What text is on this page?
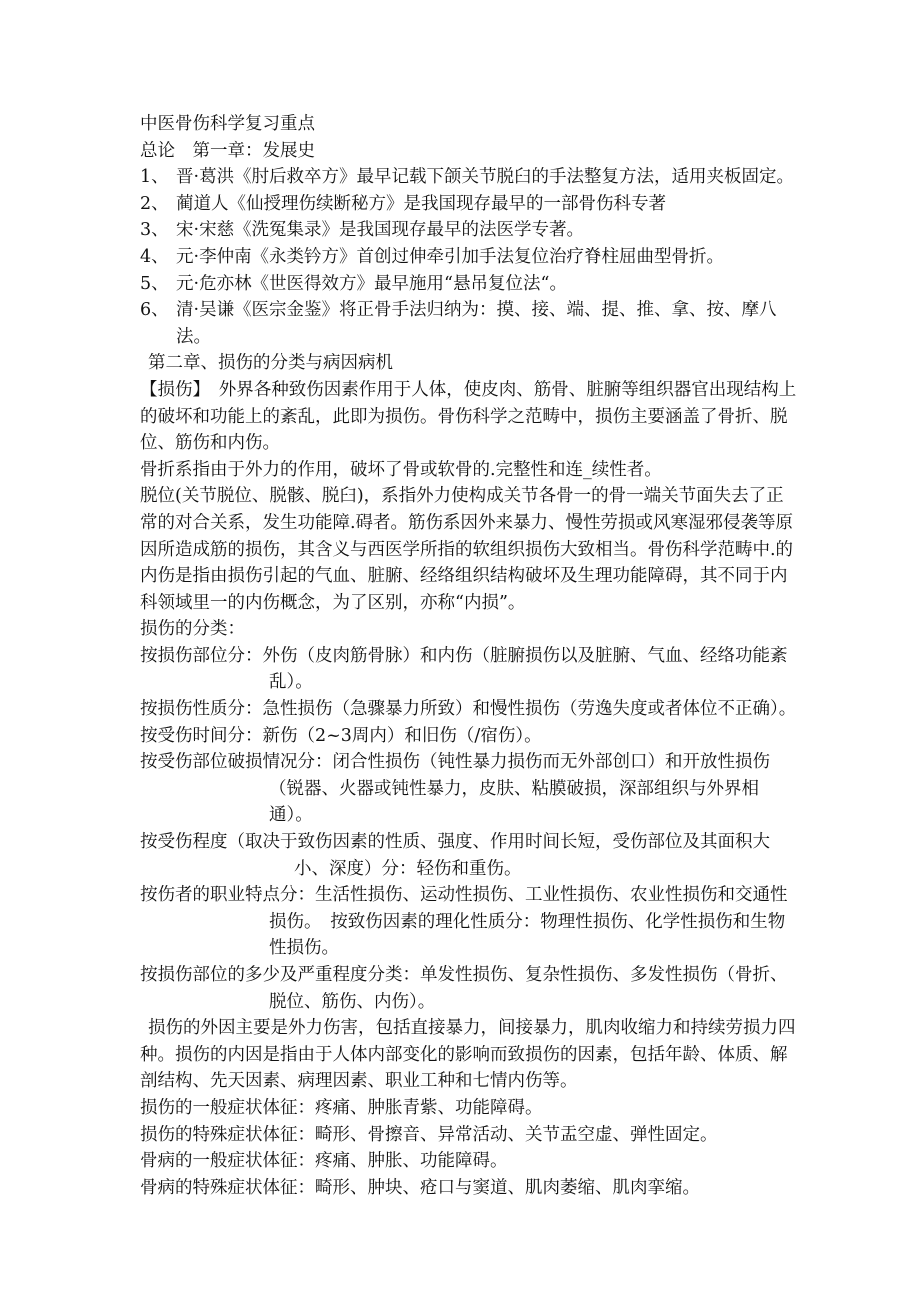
中医骨伤科学复习重点
总论　第一章：发展史
1、 晋·葛洪《肘后救卒方》最早记载下颌关节脱臼的手法整复方法，适用夹板固定。
2、 蔺道人《仙授理伤续断秘方》是我国现存最早的一部骨伤科专著
3、 宋·宋慈《洗冤集录》是我国现存最早的法医学专著。
4、 元·李仲南《永类钤方》首创过伸牵引加手法复位治疗脊柱屈曲型骨折。
5、 元·危亦林《世医得效方》最早施用“悬吊复位法“。
6、 清·吴谦《医宗金鉴》将正骨手法归纳为：摸、接、端、提、推、拿、按、摩八法。
第二章、损伤的分类与病因病机
【损伤】　外界各种致伤因素作用于人体，使皮肉、筋骨、脏腑等组织器官出现结构上的破坏和功能上的紊乱，此即为损伤。骨伤科学之范畴中，损伤主要涵盖了骨折、脱位、筋伤和内伤。
骨折系指由于外力的作用，破坏了骨或软骨的.完整性和连_续性者。
脱位(关节脱位、脱骸、脱臼)，系指外力使构成关节各骨一的骨一端关节面失去了正常的对合关系，发生功能障.碍者。筋伤系因外来暴力、慢性劳损或风寒湿邪侵袭等原因所造成筋的损伤，其含义与西医学所指的软组织损伤大致相当。骨伤科学范畴中.的内伤是指由损伤引起的气血、脏腑、经络组织结构破坏及生理功能障碍，其不同于内科领域里一的内伤概念，为了区别，亦称“内损”。
损伤的分类：
按损伤部位分：外伤（皮肉筋骨脉）和内伤（脏腑损伤以及脏腑、气血、经络功能紊乱）。
按损伤性质分：急性损伤（急骤暴力所致）和慢性损伤（劳逸失度或者体位不正确）。
按受伤时间分：新伤（2~3周内）和旧伤（/宿伤）。
按受伤部位破损情况分：闭合性损伤（钝性暴力损伤而无外部创口）和开放性损伤（锐器、火器或钝性暴力，皮肤、粘膜破损，深部组织与外界相通）。
按受伤程度（取决于致伤因素的性质、强度、作用时间长短，受伤部位及其面积大小、深度）分：轻伤和重伤。
按伤者的职业特点分：生活性损伤、运动性损伤、工业性损伤、农业性损伤和交通性损伤。　按致伤因素的理化性质分：物理性损伤、化学性损伤和生物性损伤。
按损伤部位的多少及严重程度分类：单发性损伤、复杂性损伤、多发性损伤（骨折、脱位、筋伤、内伤）。
损伤的外因主要是外力伤害，包括直接暴力，间接暴力，肌肉收缩力和持续劳损力四种。损伤的内因是指由于人体内部变化的影响而致损伤的因素，包括年龄、体质、解剖结构、先天因素、病理因素、职业工种和七情内伤等。
损伤的一般症状体征：疼痛、肿胀青紫、功能障碍。
损伤的特殊症状体征：畸形、骨擦音、异常活动、关节盂空虚、弹性固定。
骨病的一般症状体征：疼痛、肿胀、功能障碍。
骨病的特殊症状体征：畸形、肿块、疮口与窦道、肌肉萎缩、肌肉挛缩。
